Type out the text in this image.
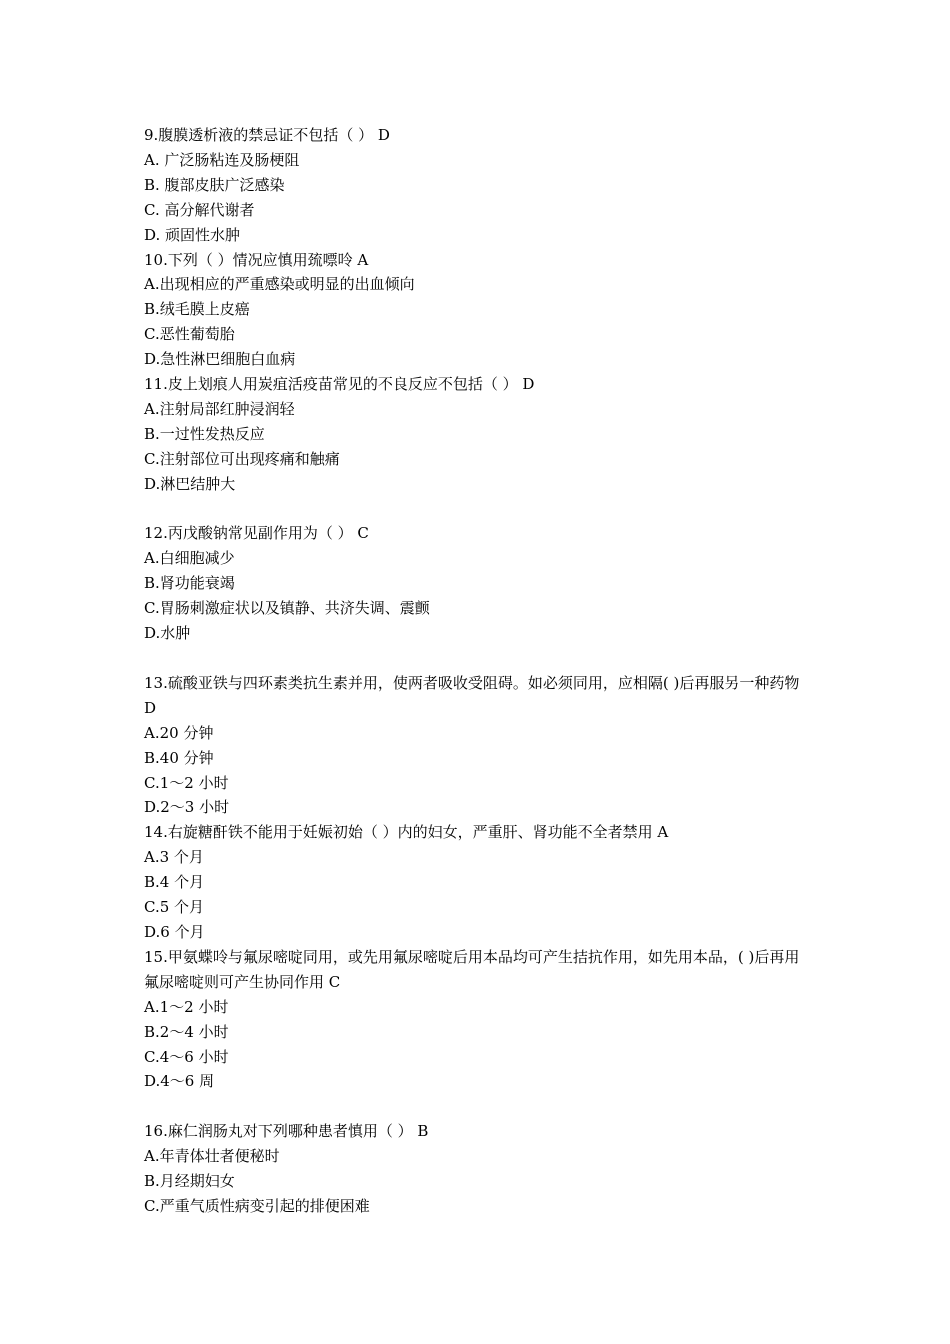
9.腹膜透析液的禁忌证不包括（ ） D
A. 广泛肠粘连及肠梗阻
B. 腹部皮肤广泛感染
C. 高分解代谢者
D. 顽固性水肿
10.下列（ ）情况应慎用巯嘌呤 A
A.出现相应的严重感染或明显的出血倾向
B.绒毛膜上皮癌
C.恶性葡萄胎
D.急性淋巴细胞白血病
11.皮上划痕人用炭疽活疫苗常见的不良反应不包括（ ） D
A.注射局部红肿浸润轻
B.一过性发热反应
C.注射部位可出现疼痛和触痛
D.淋巴结肿大
12.丙戊酸钠常见副作用为（ ） C
A.白细胞减少
B.肾功能衰竭
C.胃肠刺激症状以及镇静、共济失调、震颤
D.水肿
13.硫酸亚铁与四环素类抗生素并用，使两者吸收受阻碍。如必须同用，应相隔( )后再服另一种药物 D
A.20 分钟
B.40 分钟
C.1～2 小时
D.2～3 小时
14.右旋糖酐铁不能用于妊娠初始（ ）内的妇女，严重肝、肾功能不全者禁用 A
A.3 个月
B.4 个月
C.5 个月
D.6 个月
15.甲氨蝶呤与氟尿嘧啶同用，或先用氟尿嘧啶后用本品均可产生拮抗作用，如先用本品，( )后再用氟尿嘧啶则可产生协同作用 C
A.1～2 小时
B.2～4 小时
C.4～6 小时
D.4～6 周
16.麻仁润肠丸对下列哪种患者慎用（ ） B
A.年青体壮者便秘时
B.月经期妇女
C.严重气质性病变引起的排便困难
